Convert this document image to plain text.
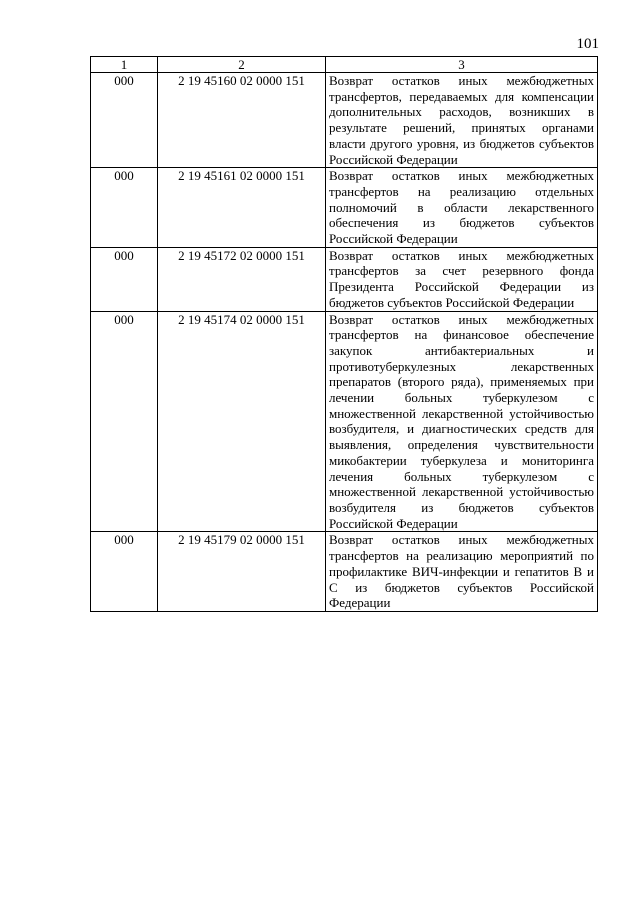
101
1	2	3
000	2 19 45160 02 0000 151	Возврат остатков иных межбюджетных трансфертов, передаваемых для компенсации дополнительных расходов, возникших в результате решений, принятых органами власти другого уровня, из бюджетов субъектов Российской Федерации
000	2 19 45161 02 0000 151	Возврат остатков иных межбюджетных трансфертов на реализацию отдельных полномочий в области лекарственного обеспечения из бюджетов субъектов Российской Федерации
000	2 19 45172 02 0000 151	Возврат остатков иных межбюджетных трансфертов за счет резервного фонда Президента Российской Федерации из бюджетов субъектов Российской Федерации
000	2 19 45174 02 0000 151	Возврат остатков иных межбюджетных трансфертов на финансовое обеспечение закупок антибактериальных и противотуберкулезных лекарственных препаратов (второго ряда), применяемых при лечении больных туберкулезом с множественной лекарственной устойчивостью возбудителя, и диагностических средств для выявления, определения чувствительности микобактерии туберкулеза и мониторинга лечения больных туберкулезом с множественной лекарственной устойчивостью возбудителя из бюджетов субъектов Российской Федерации
000	2 19 45179 02 0000 151	Возврат остатков иных межбюджетных трансфертов на реализацию мероприятий по профилактике ВИЧ-инфекции и гепатитов В и С из бюджетов субъектов Российской Федерации
